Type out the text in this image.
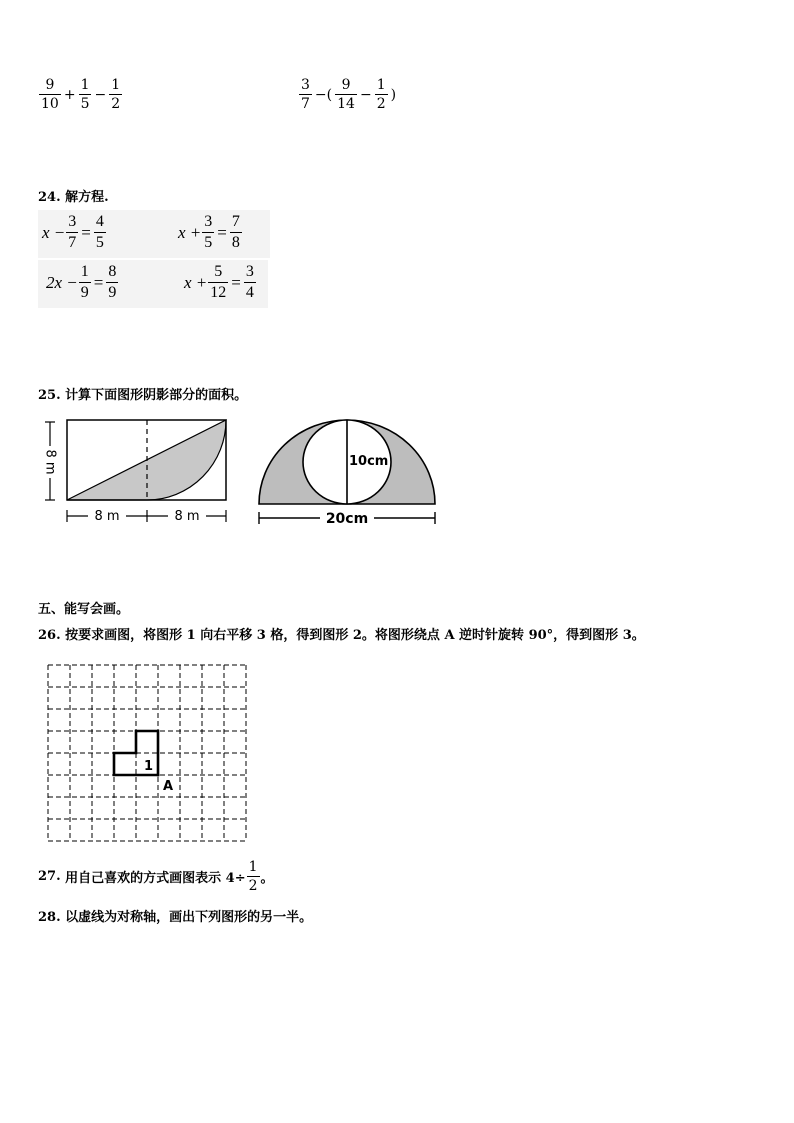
$\frac{9}{10} + \frac{1}{5} - \frac{1}{2}$	$\frac{3}{7}$ −( $\frac{9}{14} - \frac{1}{2}$ )
24. 解方程.
$x - \frac{3}{7} = \frac{4}{5}$	$x + \frac{3}{5} = \frac{7}{8}$
$2x - \frac{1}{9} = \frac{8}{9}$	$x + \frac{5}{12} = \frac{3}{4}$
25. 计算下面图形阴影部分的面积。
8 m
8 m	8 m
10cm
20cm
五、能写会画。
26. 按要求画图，将图形 1 向右平移 3 格，得到图形 2。将图形绕点 A 逆时针旋转 90°，得到图形 3。
1
A
27.
用自己喜欢的方式画图表示 $4\div \frac{1}{2}$ 。
28. 以虚线为对称轴，画出下列图形的另一半。
